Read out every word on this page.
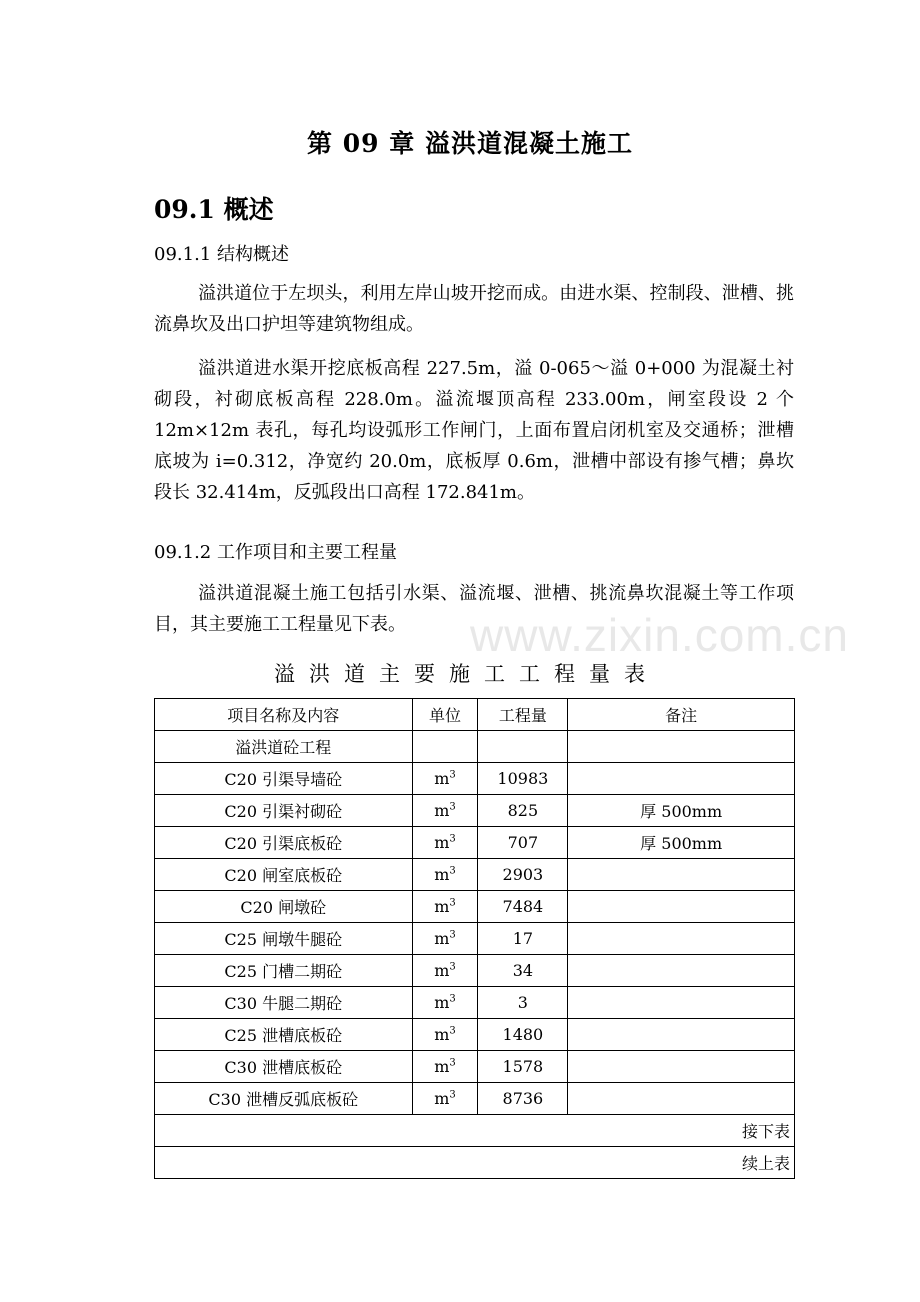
www.zixin.com.cn
第 09 章 溢洪道混凝土施工
09.1 概述
09.1.1 结构概述
溢洪道位于左坝头，利用左岸山坡开挖而成。由进水渠、控制段、泄槽、挑流鼻坎及出口护坦等建筑物组成。
溢洪道进水渠开挖底板高程 227.5m，溢 0-065～溢 0+000 为混凝土衬砌段，衬砌底板高程 228.0m。溢流堰顶高程 233.00m，闸室段设 2 个 12m×12m 表孔，每孔均设弧形工作闸门，上面布置启闭机室及交通桥；泄槽底坡为 i=0.312，净宽约 20.0m，底板厚 0.6m，泄槽中部设有掺气槽；鼻坎段长 32.414m，反弧段出口高程 172.841m。
09.1.2 工作项目和主要工程量
溢洪道混凝土施工包括引水渠、溢流堰、泄槽、挑流鼻坎混凝土等工作项目，其主要施工工程量见下表。
溢洪道主要施工工程量表
项目名称及内容	单位	工程量	备注
溢洪道砼工程			
C20 引渠导墙砼	$m^3$	10983	
C20 引渠衬砌砼	$m^3$	825	厚 500mm
C20 引渠底板砼	$m^3$	707	厚 500mm
C20 闸室底板砼	$m^3$	2903	
C20 闸墩砼	$m^3$	7484	
C25 闸墩牛腿砼	$m^3$	17	
C25 门槽二期砼	$m^3$	34	
C30 牛腿二期砼	$m^3$	3	
C25 泄槽底板砼	$m^3$	1480	
C30 泄槽底板砼	$m^3$	1578	
C30 泄槽反弧底板砼	$m^3$	8736	
接下表			
续上表			
